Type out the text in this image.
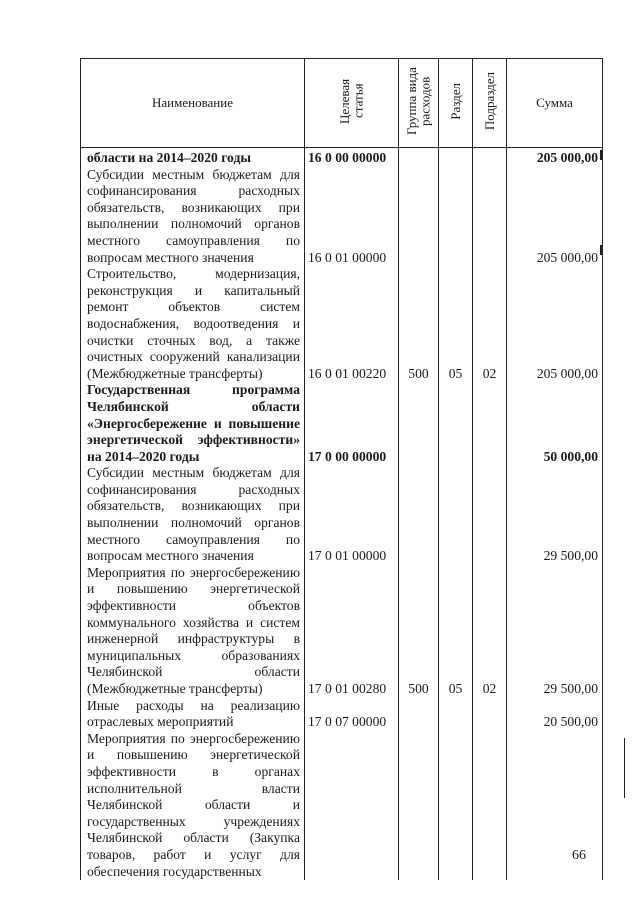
Наименование	Целевая статья	Группа вида расходов	Раздел	Подраздел	Сумма
области на 2014–2020 годы	16 0 00 00000				205 000,00
Субсидии местным бюджетам для софинансирования расходных обязательств, возникающих при выполнении полномочий органов местного самоуправления по вопросам местного значения	16 0 01 00000				205 000,00
Строительство, модернизация, реконструкция и капитальный ремонт объектов систем водоснабжения, водоотведения и очистки сточных вод, а также очистных сооружений канализации (Межбюджетные трансферты)	16 0 01 00220	500	05	02	205 000,00
Государственная программа Челябинской области «Энергосбережение и повышение энергетической эффективности» на 2014–2020 годы	17 0 00 00000				50 000,00
Субсидии местным бюджетам для софинансирования расходных обязательств, возникающих при выполнении полномочий органов местного самоуправления по вопросам местного значения	17 0 01 00000				29 500,00
Мероприятия по энергосбережению и повышению энергетической эффективности объектов коммунального хозяйства и систем инженерной инфраструктуры в муниципальных образованиях Челябинской области (Межбюджетные трансферты)	17 0 01 00280	500	05	02	29 500,00
Иные расходы на реализацию отраслевых мероприятий	17 0 07 00000				20 500,00
Мероприятия по энергосбережению и повышению энергетической эффективности в органах исполнительной власти Челябинской области и государственных учреждениях Челябинской области (Закупка товаров, работ и услуг для обеспечения государственных					
66
